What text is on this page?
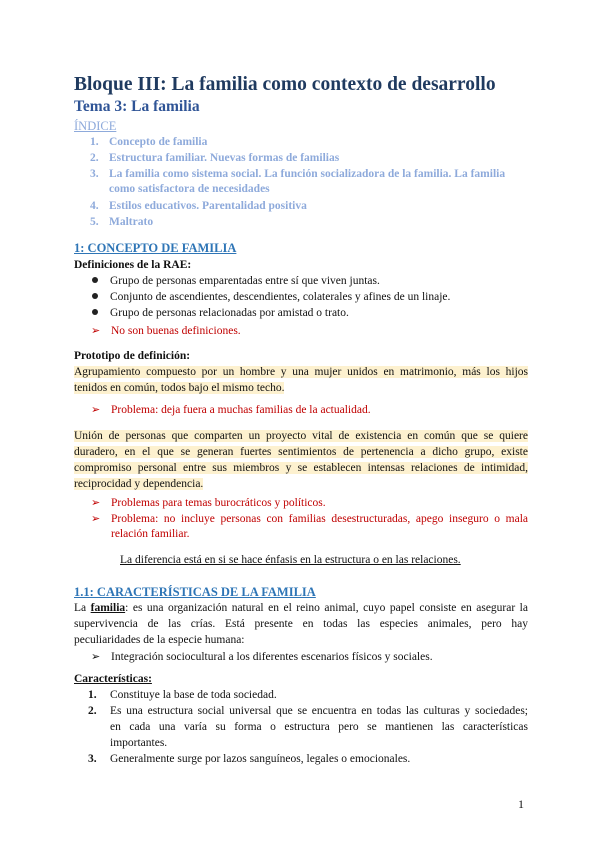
Bloque III: La familia como contexto de desarrollo
Tema 3: La familia
ÍNDICE
1. Concepto de familia
2. Estructura familiar. Nuevas formas de familias
3. La familia como sistema social. La función socializadora de la familia. La familia
como satisfactora de necesidades
4. Estilos educativos. Parentalidad positiva
5. Maltrato
1: CONCEPTO DE FAMILIA
Definiciones de la RAE:
Grupo de personas emparentadas entre sí que viven juntas.
Conjunto de ascendientes, descendientes, colaterales y afines de un linaje.
Grupo de personas relacionadas por amistad o trato.
➢ No son buenas definiciones.
Prototipo de definición:
Agrupamiento compuesto por un hombre y una mujer unidos en matrimonio, más los hijos
tenidos en común, todos bajo el mismo techo.
➢ Problema: deja fuera a muchas familias de la actualidad.
Unión de personas que comparten un proyecto vital de existencia en común que se quiere
duradero, en el que se generan fuertes sentimientos de pertenencia a dicho grupo, existe
compromiso personal entre sus miembros y se establecen intensas relaciones de intimidad,
reciprocidad y dependencia.
➢ Problemas para temas burocráticos y políticos.
➢ Problema: no incluye personas con familias desestructuradas, apego inseguro o mala
relación familiar.
La diferencia está en si se hace énfasis en la estructura o en las relaciones.
1.1: CARACTERÍSTICAS DE LA FAMILIA
La familia: es una organización natural en el reino animal, cuyo papel consiste en asegurar la
supervivencia de las crías. Está presente en todas las especies animales, pero hay
peculiaridades de la especie humana:
➢ Integración sociocultural a los diferentes escenarios físicos y sociales.
Características:
1. Constituye la base de toda sociedad.
2. Es una estructura social universal que se encuentra en todas las culturas y sociedades;
en cada una varía su forma o estructura pero se mantienen las características
importantes.
3. Generalmente surge por lazos sanguíneos, legales o emocionales.
1
